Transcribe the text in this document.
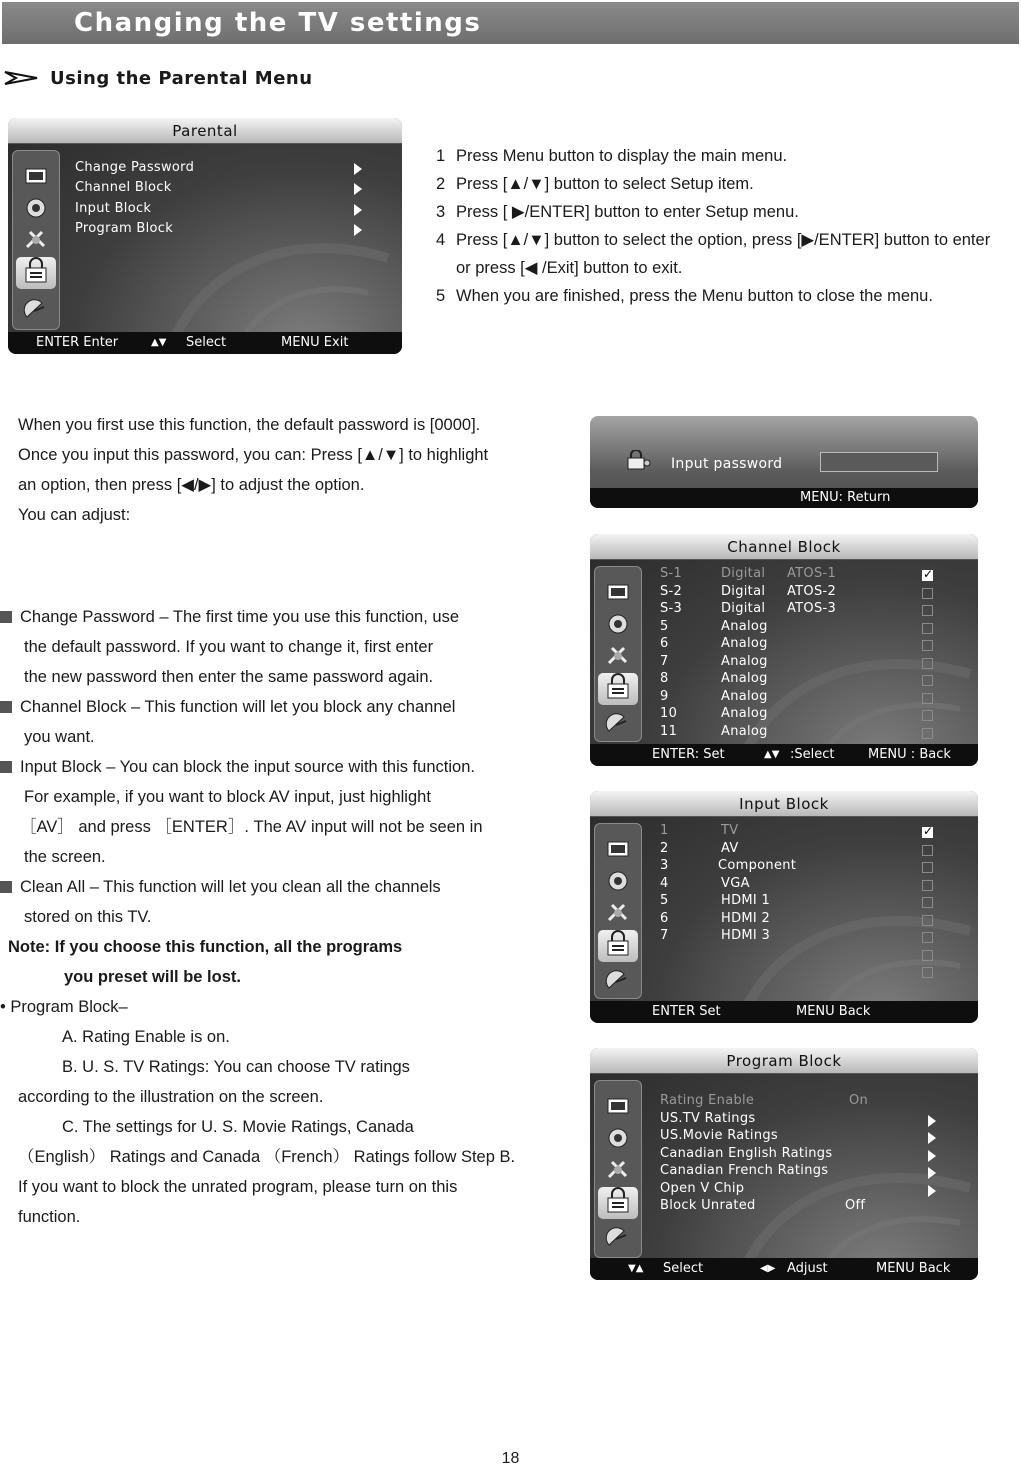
Changing the TV settings
Using the Parental Menu
Parental
Change Password
Channel Block
Input Block
Program Block
ENTER Enter	▲▼ Select	MENU Exit
1 Press Menu button to display the main menu.
2 Press [▲/▼] button to select Setup item.
3 Press [ ▶/ENTER] button to enter Setup menu.
4 Press [▲/▼] button to select the option, press [▶/ENTER] button to enter
or press [◀ /Exit] button to exit.
5 When you are finished, press the Menu button to close the menu.
When you first use this function, the default password is [0000].
Once you input this password, you can: Press [▲/▼] to highlight
an option, then press [◀/▶] to adjust the option.
You can adjust:
Input password
MENU: Return
Channel Block
S-1	Digital ATOS-1
S-2	Digital ATOS-2
S-3	Digital ATOS-3
5	Analog
6	Analog
7	Analog
8	Analog
9	Analog
10	Analog
11	Analog
✓
ENTER: Set	▲▼ :Select	MENU : Back
Input Block
1	TV
2	AV
3	Component
4	VGA
5	HDMI 1
6	HDMI 2
7	HDMI 3
✓
ENTER Set	MENU Back
Program Block
Rating Enable	On
US.TV Ratings
US.Movie Ratings
Canadian English Ratings
Canadian French Ratings
Open V Chip
Block Unrated	Off
▼▲ Select	◀▶ Adjust	MENU Back
Change Password – The first time you use this function, use
the default password. If you want to change it, first enter
the new password then enter the same password again.
Channel Block – This function will let you block any channel
you want.
Input Block – You can block the input source with this function.
For example, if you want to block AV input, just highlight
［AV］ and press ［ENTER］. The AV input will not be seen in
the screen.
Clean All – This function will let you clean all the channels
stored on this TV.
Note: If you choose this function, all the programs
you preset will be lost.
• Program Block–
A. Rating Enable is on.
B. U. S. TV Ratings: You can choose TV ratings
according to the illustration on the screen.
C. The settings for U. S. Movie Ratings, Canada
（English） Ratings and Canada （French） Ratings follow Step B.
If you want to block the unrated program, please turn on this
function.
18
